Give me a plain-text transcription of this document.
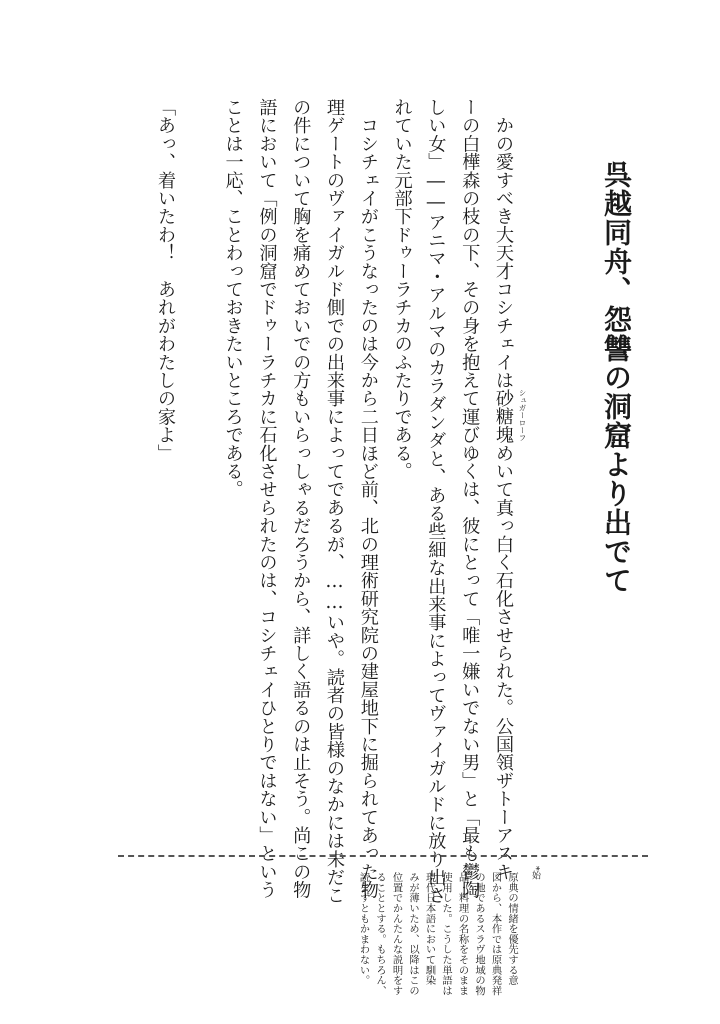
呉越同舟、怨讐の洞窟より出でて
　かの愛すべき大天才コシチェイは砂糖塊 シュガーローフ
めいて真っ白く石化させられた。公国領ザトーアスキ
ーの白樺森の枝の下、その身を抱えて運びゆくは、彼にとって「唯一嫌いでない男」と「最も鬱陶
しい女」――アニマ・アルマのカラダンダと、ある些細な出来事によってヴァイガルドに放り出さ
れていた元部下ドゥーラチカのふたりである。
　コシチェイがこうなったのは今から二日ほど前、北の理術研究院の建屋地下に掘られてあった物
理ゲートのヴァイガルド側での出来事によってであるが、……いや。読者の皆様のなかには未だこ
の件について胸を痛めておいでの方もいらっしゃるだろうから、詳しく語るのは止そう。尚この物
語において「例の洞窟でドゥーラチカに石化させられたのは、コシチェイひとりではない」という
ことは一応、ことわっておきたいところである。
「あっ、着いたわ！　あれがわたしの家よ」
*始
原典の情緒を優先する意
図から、本作では原典発祥
の地であるスラヴ地域の物
品・料理の名称をそのまま
使用した。こうした単語は
現代日本語において馴染
みが薄いため、以降はこの
位置でかんたんな説明をす
ることとする。もちろん、
読まずともかまわない。
